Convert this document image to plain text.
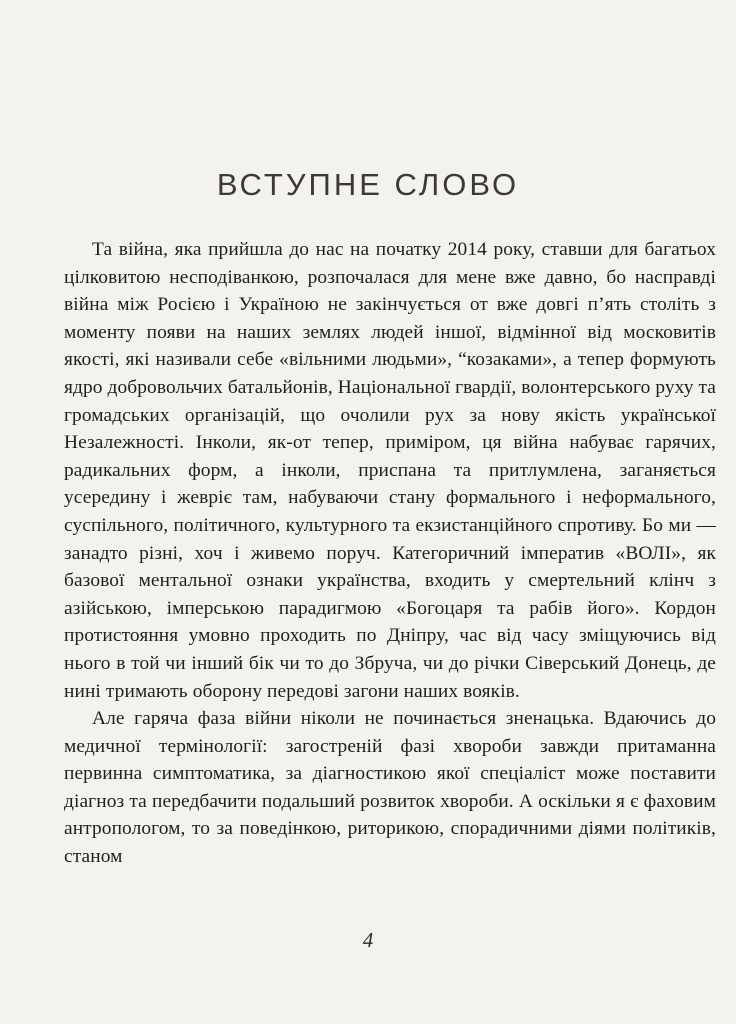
ВСТУПНЕ СЛОВО

Та війна, яка прийшла до нас на початку 2014 року, ставши для багатьох цілковитою несподіванкою, розпочалася для мене вже давно, бо насправді війна між Росією і Україною не закінчується от вже довгі п’ять століть з моменту появи на наших землях людей іншої, відмінної від московитів якості, які називали себе «вільними людьми», “козаками», а тепер формують ядро добровольчих батальйонів, Національної гвардії, волонтерського руху та громадських організацій, що очолили рух за нову якість української Незалежності. Інколи, як-от тепер, приміром, ця війна набуває гарячих, радикальних форм, а інколи, приспана та притлумлена, заганяється усередину і жевріє там, набуваючи стану формального і неформального, суспільного, політичного, культурного та екзистанційного спротиву. Бо ми — занадто різні, хоч і живемо поруч. Категоричний імператив «ВОЛІ», як базової ментальної ознаки українства, входить у смертельний клінч з азійською, імперською парадигмою «Богоцаря та рабів його». Кордон протистояння умовно проходить по Дніпру, час від часу зміщуючись від нього в той чи інший бік чи то до Збруча, чи до річки Сіверський Донець, де нині тримають оборону передові загони наших вояків.

Але гаряча фаза війни ніколи не починається зненацька. Вдаючись до медичної термінології: загостреній фазі хвороби завжди притаманна первинна симптоматика, за діагностикою якої спеціаліст може поставити діагноз та передбачити подальший розвиток хвороби. А оскільки я є фаховим антропологом, то за поведінкою, риторикою, спорадичними діями політиків, станом

4
